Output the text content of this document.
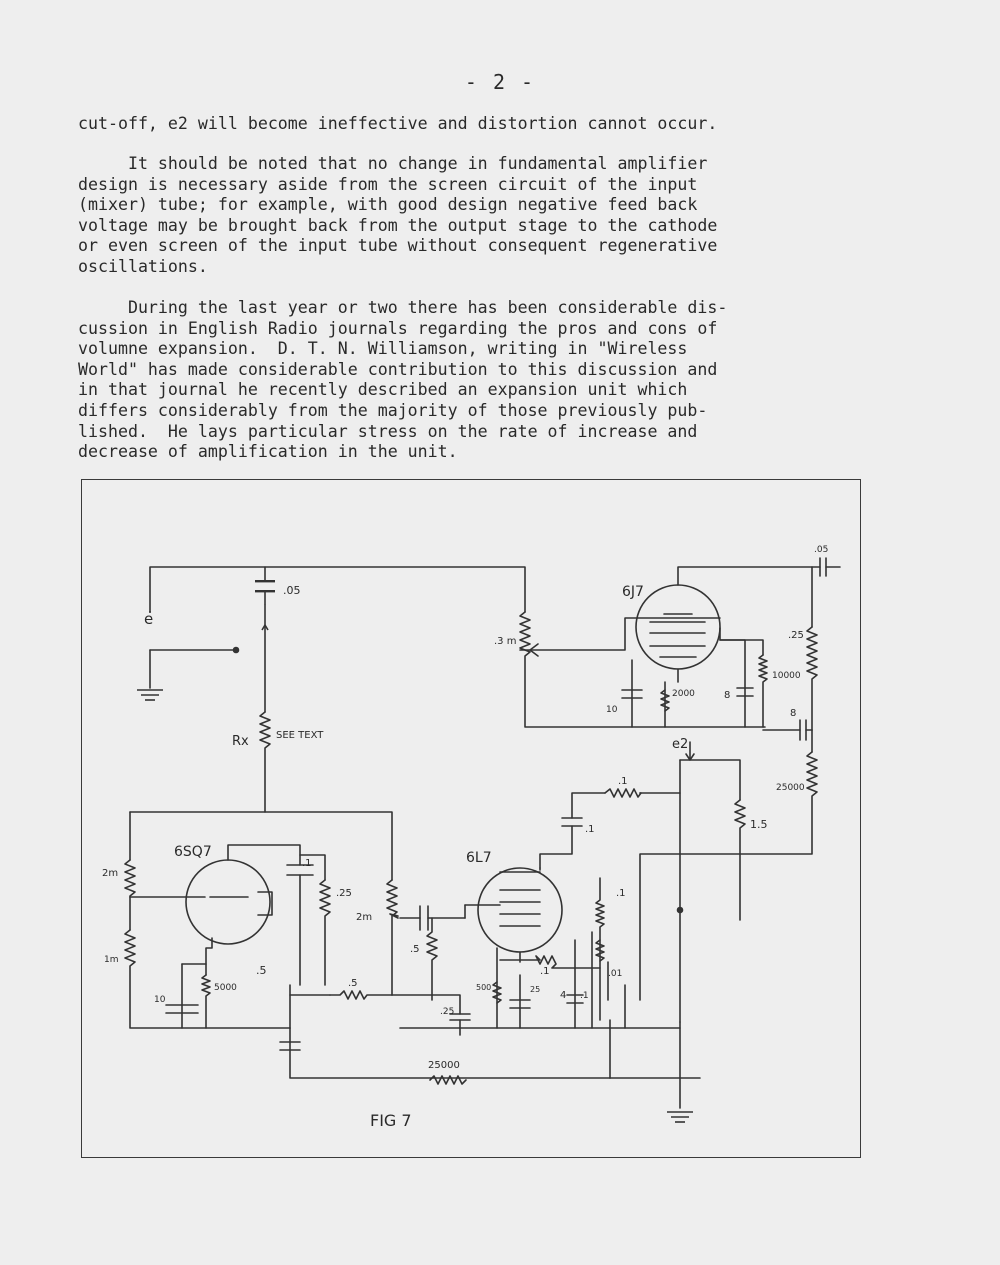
- 2 -
cut-off, e2 will become ineffective and distortion cannot occur.
It should be noted that no change in fundamental amplifier
design is necessary aside from the screen circuit of the input
(mixer) tube; for example, with good design negative feed back
voltage may be brought back from the output stage to the cathode
or even screen of the input tube without consequent regenerative
oscillations.
During the last year or two there has been considerable dis-
cussion in English Radio journals regarding the pros and cons of
volumne expansion.  D. T. N. Williamson, writing in "Wireless
World" has made considerable contribution to this discussion and
in that journal he recently described an expansion unit which
differs considerably from the majority of those previously pub-
lished.  He lays particular stress on the rate of increase and
decrease of amplification in the unit.
e
.05
Rx	SEE TEXT
6J7
.3 m
.05
.25
10000
8
8
2000
10
e2
.1
.1	1.5
25000
2m
1m
6SQ7
10
5000
.5
.1
.25
2m
.5
.5
.25
6L7
.1
500	25
4 .1
.01
.1
25000
FIG 7
